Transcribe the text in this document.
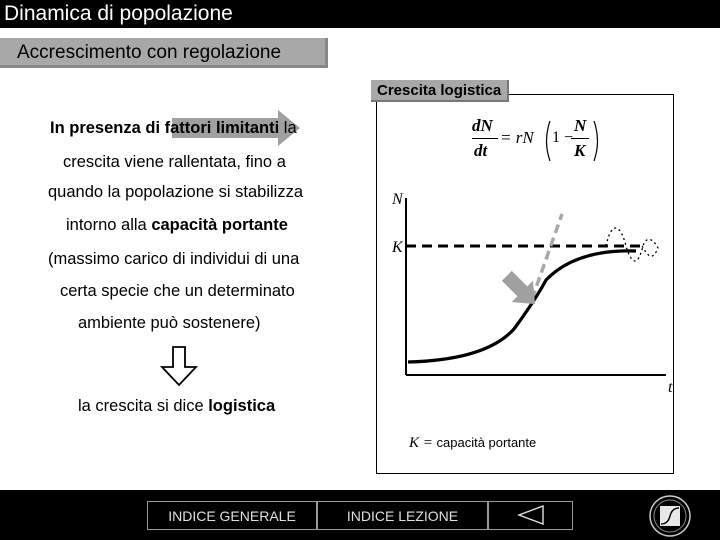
Dinamica di popolazione
Accrescimento con regolazione
In presenza di fattori limitanti la
crescita viene rallentata, fino a
quando la popolazione si stabilizza
intorno alla capacità portante
(massimo carico di individui di una
certa specie che un determinato
ambiente può sostenere)
la crescita si dice logistica
Crescita logistica
dN
dt
= rN 1 −
N
K
N
K
t
K = capacità portante
INDICE GENERALE	INDICE LEZIONE
